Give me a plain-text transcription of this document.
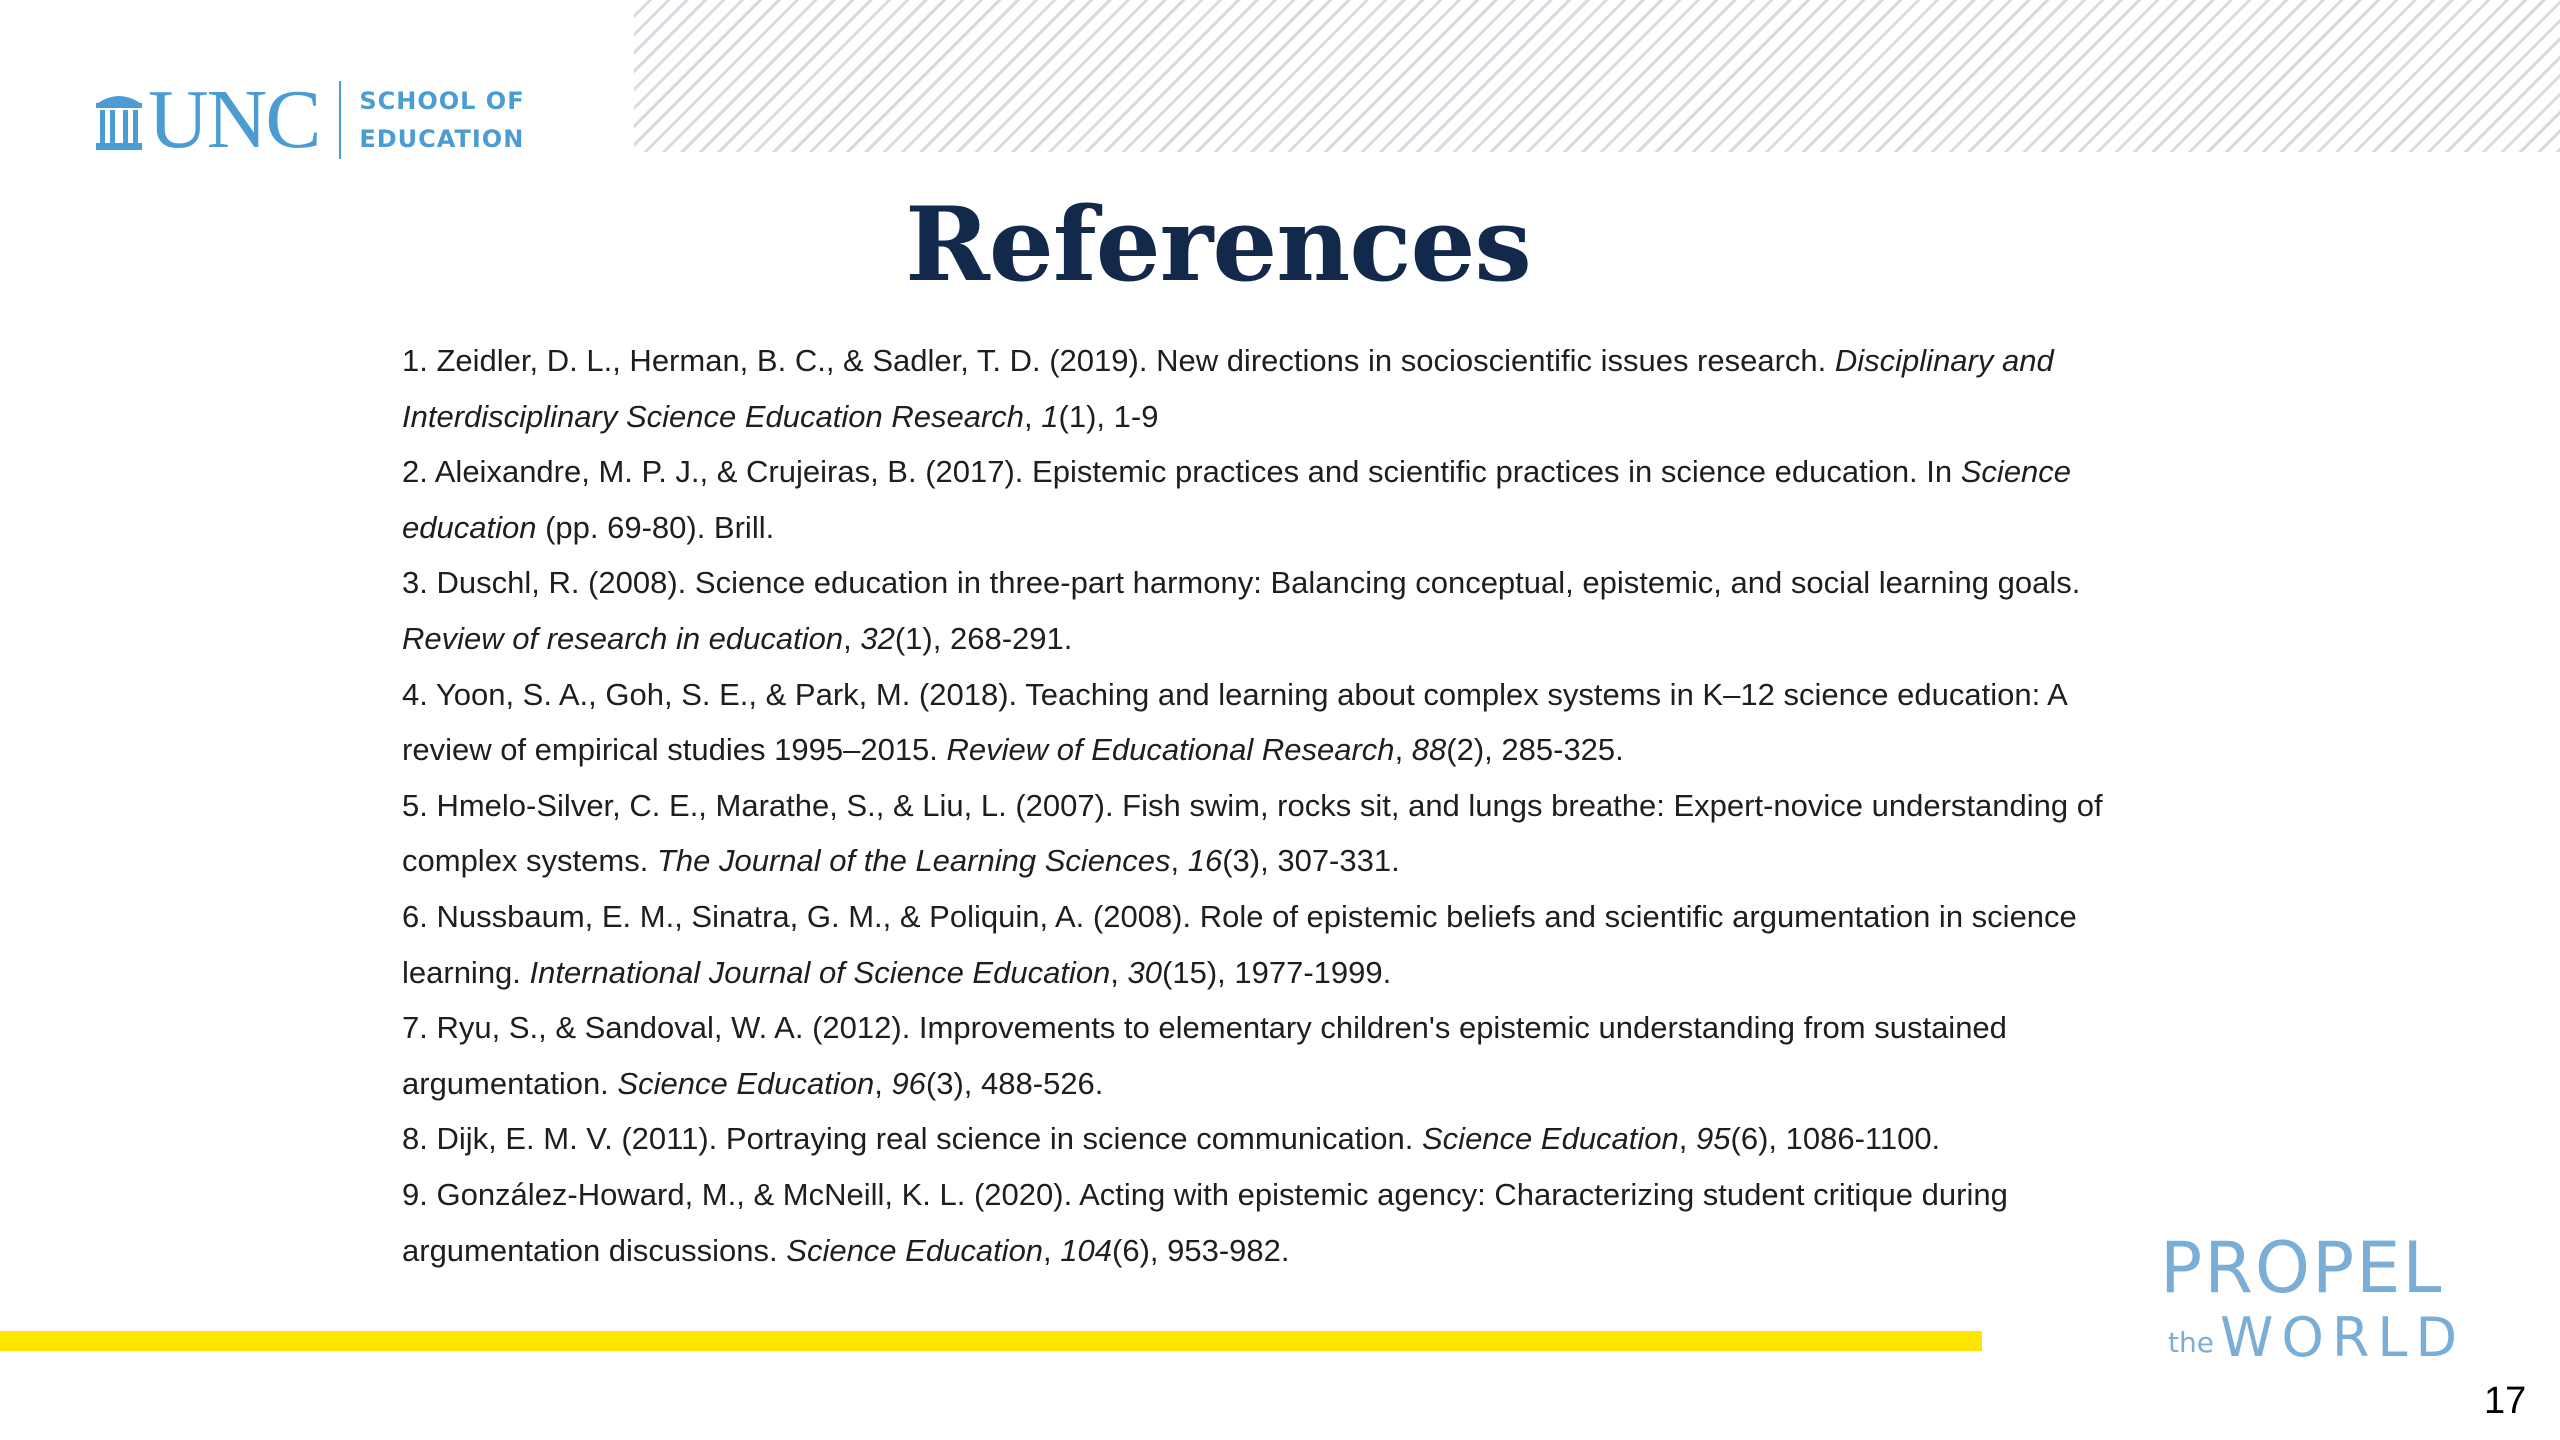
UNC SCHOOL OF
EDUCATION
References
1. Zeidler, D. L., Herman, B. C., & Sadler, T. D. (2019). New directions in socioscientific issues research. Disciplinary and Interdisciplinary Science Education Research, 1(1), 1-9
2. Aleixandre, M. P. J., & Crujeiras, B. (2017). Epistemic practices and scientific practices in science education. In Science education (pp. 69-80). Brill.
3. Duschl, R. (2008). Science education in three-part harmony: Balancing conceptual, epistemic, and social learning goals. Review of research in education, 32(1), 268-291.
4. Yoon, S. A., Goh, S. E., & Park, M. (2018). Teaching and learning about complex systems in K–12 science education: A review of empirical studies 1995–2015. Review of Educational Research, 88(2), 285-325.
5. Hmelo-Silver, C. E., Marathe, S., & Liu, L. (2007). Fish swim, rocks sit, and lungs breathe: Expert-novice understanding of complex systems. The Journal of the Learning Sciences, 16(3), 307-331.
6. Nussbaum, E. M., Sinatra, G. M., & Poliquin, A. (2008). Role of epistemic beliefs and scientific argumentation in science learning. International Journal of Science Education, 30(15), 1977-1999.
7. Ryu, S., & Sandoval, W. A. (2012). Improvements to elementary children's epistemic understanding from sustained argumentation. Science Education, 96(3), 488-526.
8. Dijk, E. M. V. (2011). Portraying real science in science communication. Science Education, 95(6), 1086-1100.
9. González-Howard, M., & McNeill, K. L. (2020). Acting with epistemic agency: Characterizing student critique during argumentation discussions. Science Education, 104(6), 953-982.	PROPEL
the WORLD
17
